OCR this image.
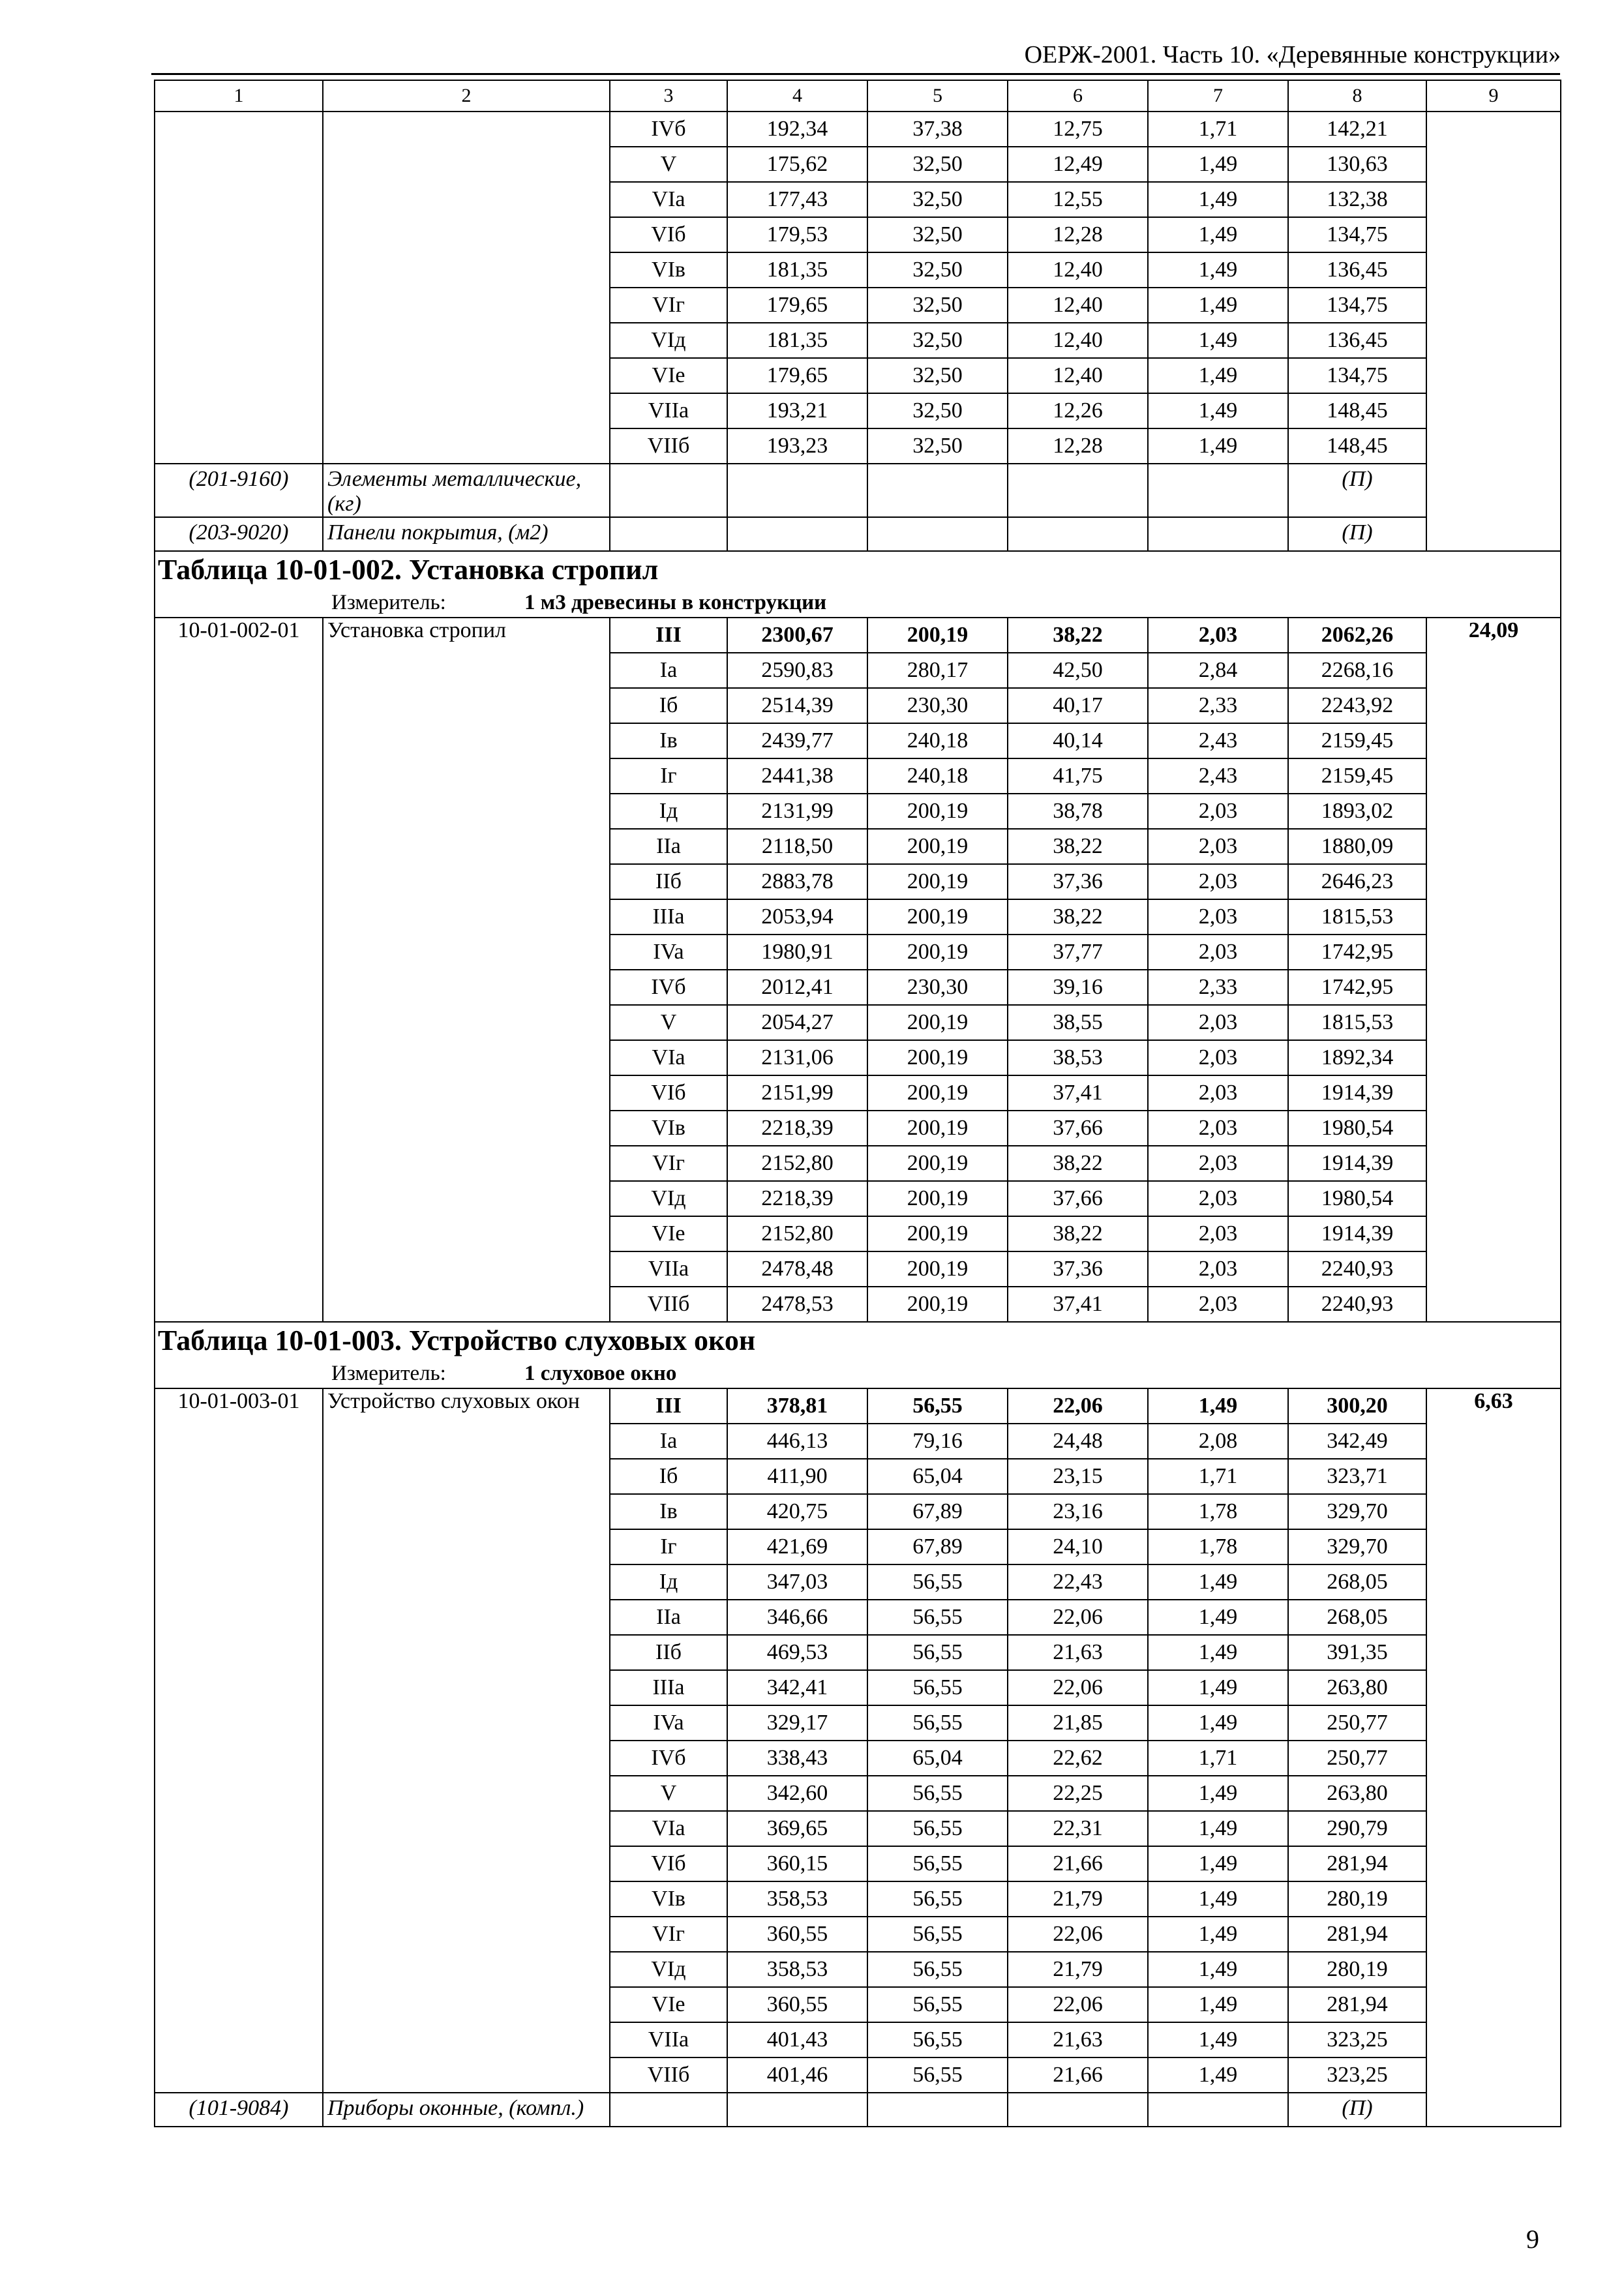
ОЕРЖ-2001. Часть 10. «Деревянные конструкции»
1	2	3	4	5	6	7	8	9
		IVб	192,34	37,38	12,75	1,71	142,21	
		V	175,62	32,50	12,49	1,49	130,63	
		VIa	177,43	32,50	12,55	1,49	132,38	
		VIб	179,53	32,50	12,28	1,49	134,75	
		VIв	181,35	32,50	12,40	1,49	136,45	
		VIг	179,65	32,50	12,40	1,49	134,75	
		VIд	181,35	32,50	12,40	1,49	136,45	
		VIe	179,65	32,50	12,40	1,49	134,75	
		VIIa	193,21	32,50	12,26	1,49	148,45	
		VIIб	193,23	32,50	12,28	1,49	148,45	
(201-9160)	Элементы металлические, (кг)						(П)	
(203-9020)	Панели покрытия, (м2)						(П)	
Таблица 10-01-002. Установка стропил								
Измеритель: 1 м3 древесины в конструкции								
10-01-002-01	Установка стропил	III	2300,67	200,19	38,22	2,03	2062,26	24,09
		Ia	2590,83	280,17	42,50	2,84	2268,16	
		Iб	2514,39	230,30	40,17	2,33	2243,92	
		Iв	2439,77	240,18	40,14	2,43	2159,45	
		Iг	2441,38	240,18	41,75	2,43	2159,45	
		Iд	2131,99	200,19	38,78	2,03	1893,02	
		IIa	2118,50	200,19	38,22	2,03	1880,09	
		IIб	2883,78	200,19	37,36	2,03	2646,23	
		IIIa	2053,94	200,19	38,22	2,03	1815,53	
		IVa	1980,91	200,19	37,77	2,03	1742,95	
		IVб	2012,41	230,30	39,16	2,33	1742,95	
		V	2054,27	200,19	38,55	2,03	1815,53	
		VIa	2131,06	200,19	38,53	2,03	1892,34	
		VIб	2151,99	200,19	37,41	2,03	1914,39	
		VIв	2218,39	200,19	37,66	2,03	1980,54	
		VIг	2152,80	200,19	38,22	2,03	1914,39	
		VIд	2218,39	200,19	37,66	2,03	1980,54	
		VIe	2152,80	200,19	38,22	2,03	1914,39	
		VIIa	2478,48	200,19	37,36	2,03	2240,93	
		VIIб	2478,53	200,19	37,41	2,03	2240,93	
Таблица 10-01-003. Устройство слуховых окон								
Измеритель: 1 слуховое окно								
10-01-003-01	Устройство слуховых окон	III	378,81	56,55	22,06	1,49	300,20	6,63
		Ia	446,13	79,16	24,48	2,08	342,49	
		Iб	411,90	65,04	23,15	1,71	323,71	
		Iв	420,75	67,89	23,16	1,78	329,70	
		Iг	421,69	67,89	24,10	1,78	329,70	
		Iд	347,03	56,55	22,43	1,49	268,05	
		IIa	346,66	56,55	22,06	1,49	268,05	
		IIб	469,53	56,55	21,63	1,49	391,35	
		IIIa	342,41	56,55	22,06	1,49	263,80	
		IVa	329,17	56,55	21,85	1,49	250,77	
		IVб	338,43	65,04	22,62	1,71	250,77	
		V	342,60	56,55	22,25	1,49	263,80	
		VIa	369,65	56,55	22,31	1,49	290,79	
		VIб	360,15	56,55	21,66	1,49	281,94	
		VIв	358,53	56,55	21,79	1,49	280,19	
		VIг	360,55	56,55	22,06	1,49	281,94	
		VIд	358,53	56,55	21,79	1,49	280,19	
		VIe	360,55	56,55	22,06	1,49	281,94	
		VIIa	401,43	56,55	21,63	1,49	323,25	
		VIIб	401,46	56,55	21,66	1,49	323,25	
(101-9084)	Приборы оконные, (компл.)						(П)	
9
